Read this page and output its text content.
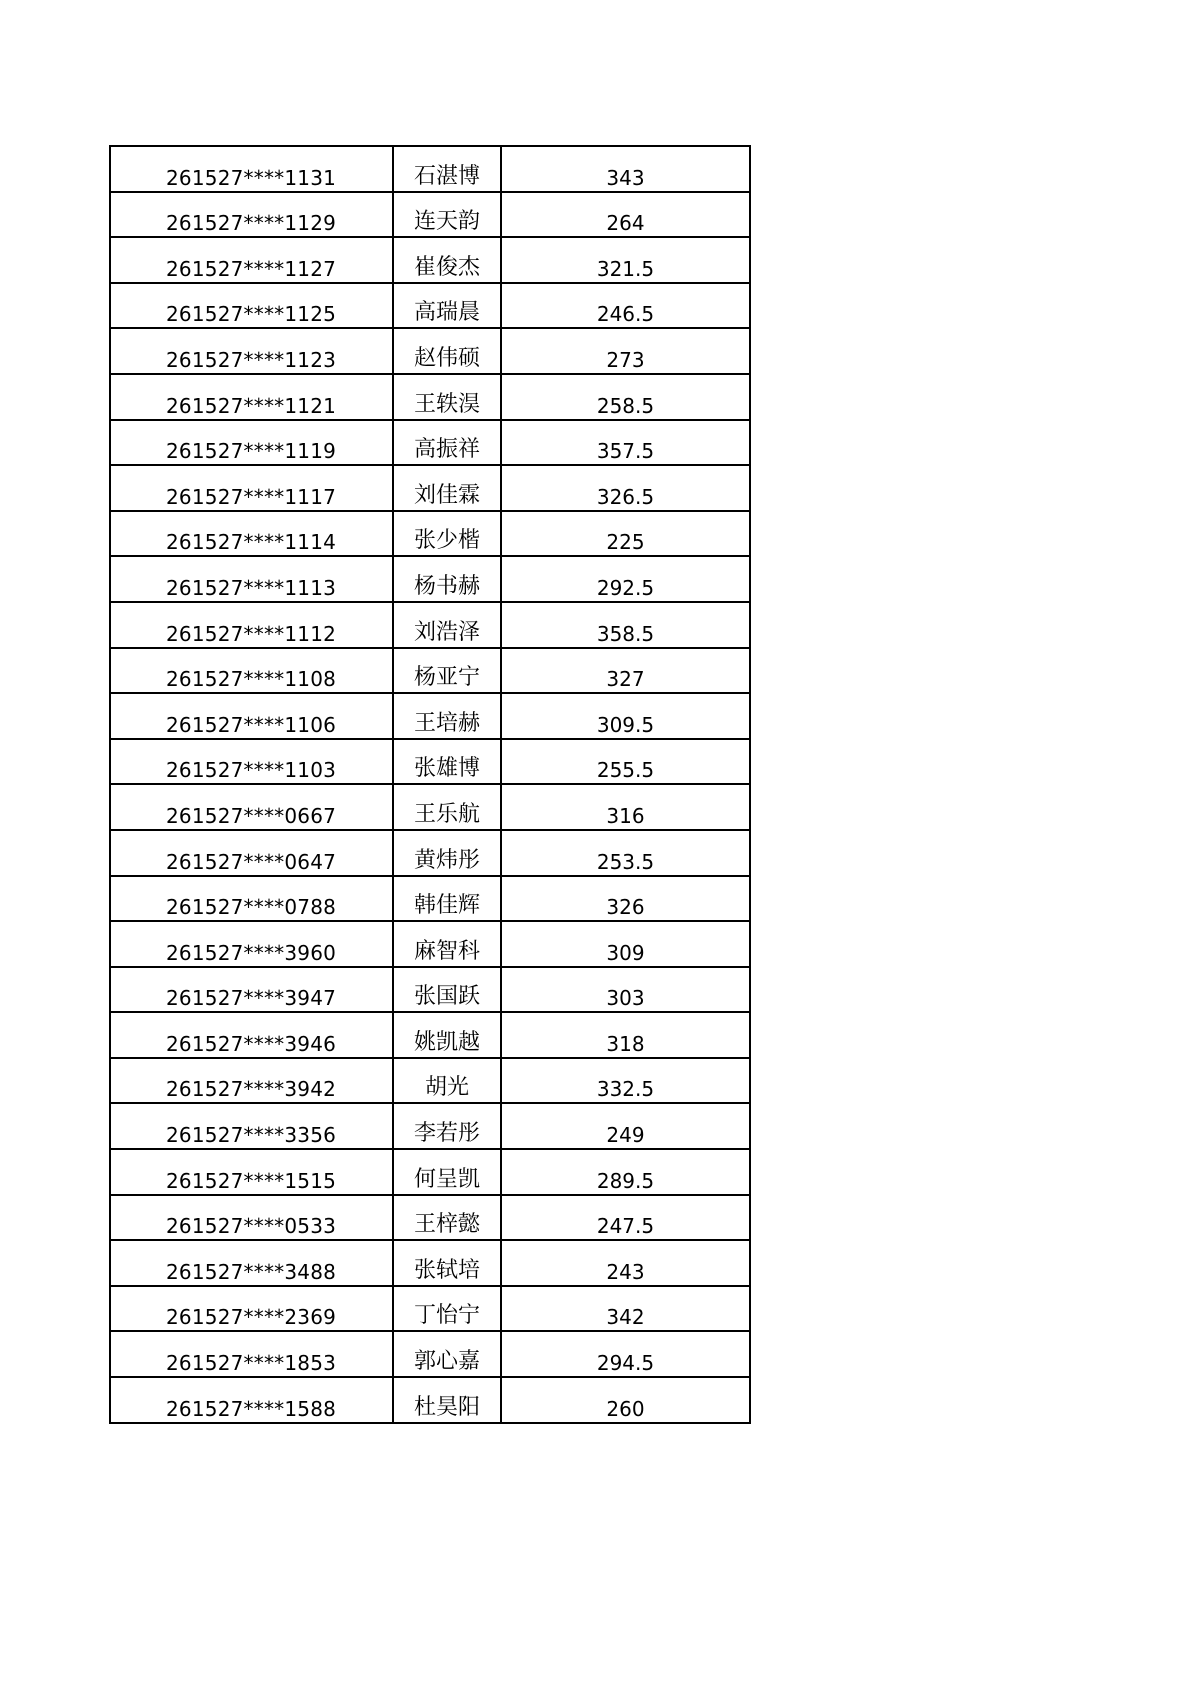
261527****1131	石湛博	343
261527****1129	连天韵	264
261527****1127	崔俊杰	321.5
261527****1125	高瑞晨	246.5
261527****1123	赵伟硕	273
261527****1121	王轶淏	258.5
261527****1119	高振祥	357.5
261527****1117	刘佳霖	326.5
261527****1114	张少楷	225
261527****1113	杨书赫	292.5
261527****1112	刘浩泽	358.5
261527****1108	杨亚宁	327
261527****1106	王培赫	309.5
261527****1103	张雄博	255.5
261527****0667	王乐航	316
261527****0647	黄炜彤	253.5
261527****0788	韩佳辉	326
261527****3960	麻智科	309
261527****3947	张国跃	303
261527****3946	姚凯越	318
261527****3942	胡光	332.5
261527****3356	李若彤	249
261527****1515	何呈凯	289.5
261527****0533	王梓懿	247.5
261527****3488	张轼培	243
261527****2369	丁怡宁	342
261527****1853	郭心嘉	294.5
261527****1588	杜昊阳	260
